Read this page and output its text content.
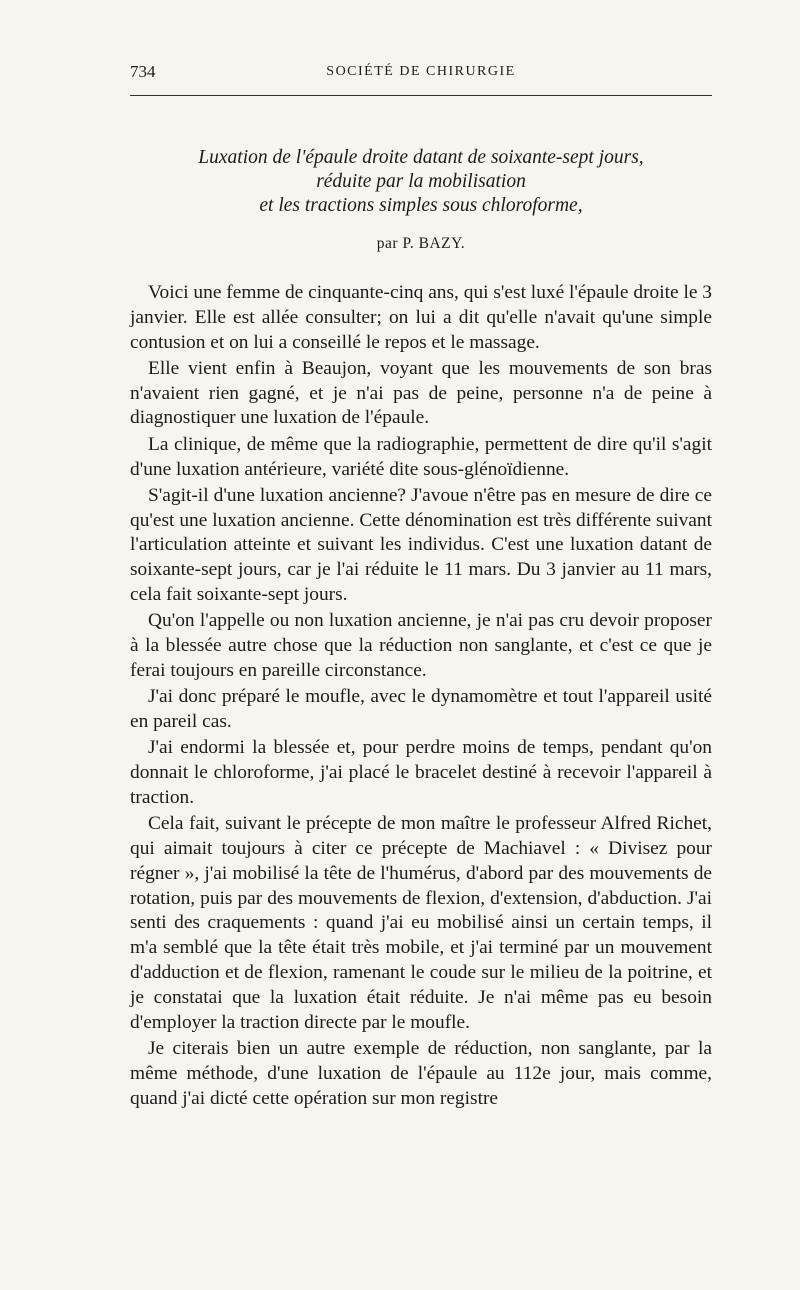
734	SOCIÉTÉ DE CHIRURGIE
Luxation de l'épaule droite datant de soixante-sept jours,
réduite par la mobilisation
et les tractions simples sous chloroforme,
par P. BAZY.

Voici une femme de cinquante-cinq ans, qui s'est luxé l'épaule droite le 3 janvier. Elle est allée consulter; on lui a dit qu'elle n'avait qu'une simple contusion et on lui a conseillé le repos et le massage.

Elle vient enfin à Beaujon, voyant que les mouvements de son bras n'avaient rien gagné, et je n'ai pas de peine, personne n'a de peine à diagnostiquer une luxation de l'épaule.

La clinique, de même que la radiographie, permettent de dire qu'il s'agit d'une luxation antérieure, variété dite sous-glénoïdienne.

S'agit-il d'une luxation ancienne? J'avoue n'être pas en mesure de dire ce qu'est une luxation ancienne. Cette dénomination est très différente suivant l'articulation atteinte et suivant les individus. C'est une luxation datant de soixante-sept jours, car je l'ai réduite le 11 mars. Du 3 janvier au 11 mars, cela fait soixante-sept jours.

Qu'on l'appelle ou non luxation ancienne, je n'ai pas cru devoir proposer à la blessée autre chose que la réduction non sanglante, et c'est ce que je ferai toujours en pareille circonstance.

J'ai donc préparé le moufle, avec le dynamomètre et tout l'appareil usité en pareil cas.

J'ai endormi la blessée et, pour perdre moins de temps, pendant qu'on donnait le chloroforme, j'ai placé le bracelet destiné à recevoir l'appareil à traction.

Cela fait, suivant le précepte de mon maître le professeur Alfred Richet, qui aimait toujours à citer ce précepte de Machiavel : « Divisez pour régner », j'ai mobilisé la tête de l'humérus, d'abord par des mouvements de rotation, puis par des mouvements de flexion, d'extension, d'abduction. J'ai senti des craquements : quand j'ai eu mobilisé ainsi un certain temps, il m'a semblé que la tête était très mobile, et j'ai terminé par un mouvement d'adduction et de flexion, ramenant le coude sur le milieu de la poitrine, et je constatai que la luxation était réduite. Je n'ai même pas eu besoin d'employer la traction directe par le moufle.

Je citerais bien un autre exemple de réduction, non sanglante, par la même méthode, d'une luxation de l'épaule au 112e jour, mais comme, quand j'ai dicté cette opération sur mon registre
